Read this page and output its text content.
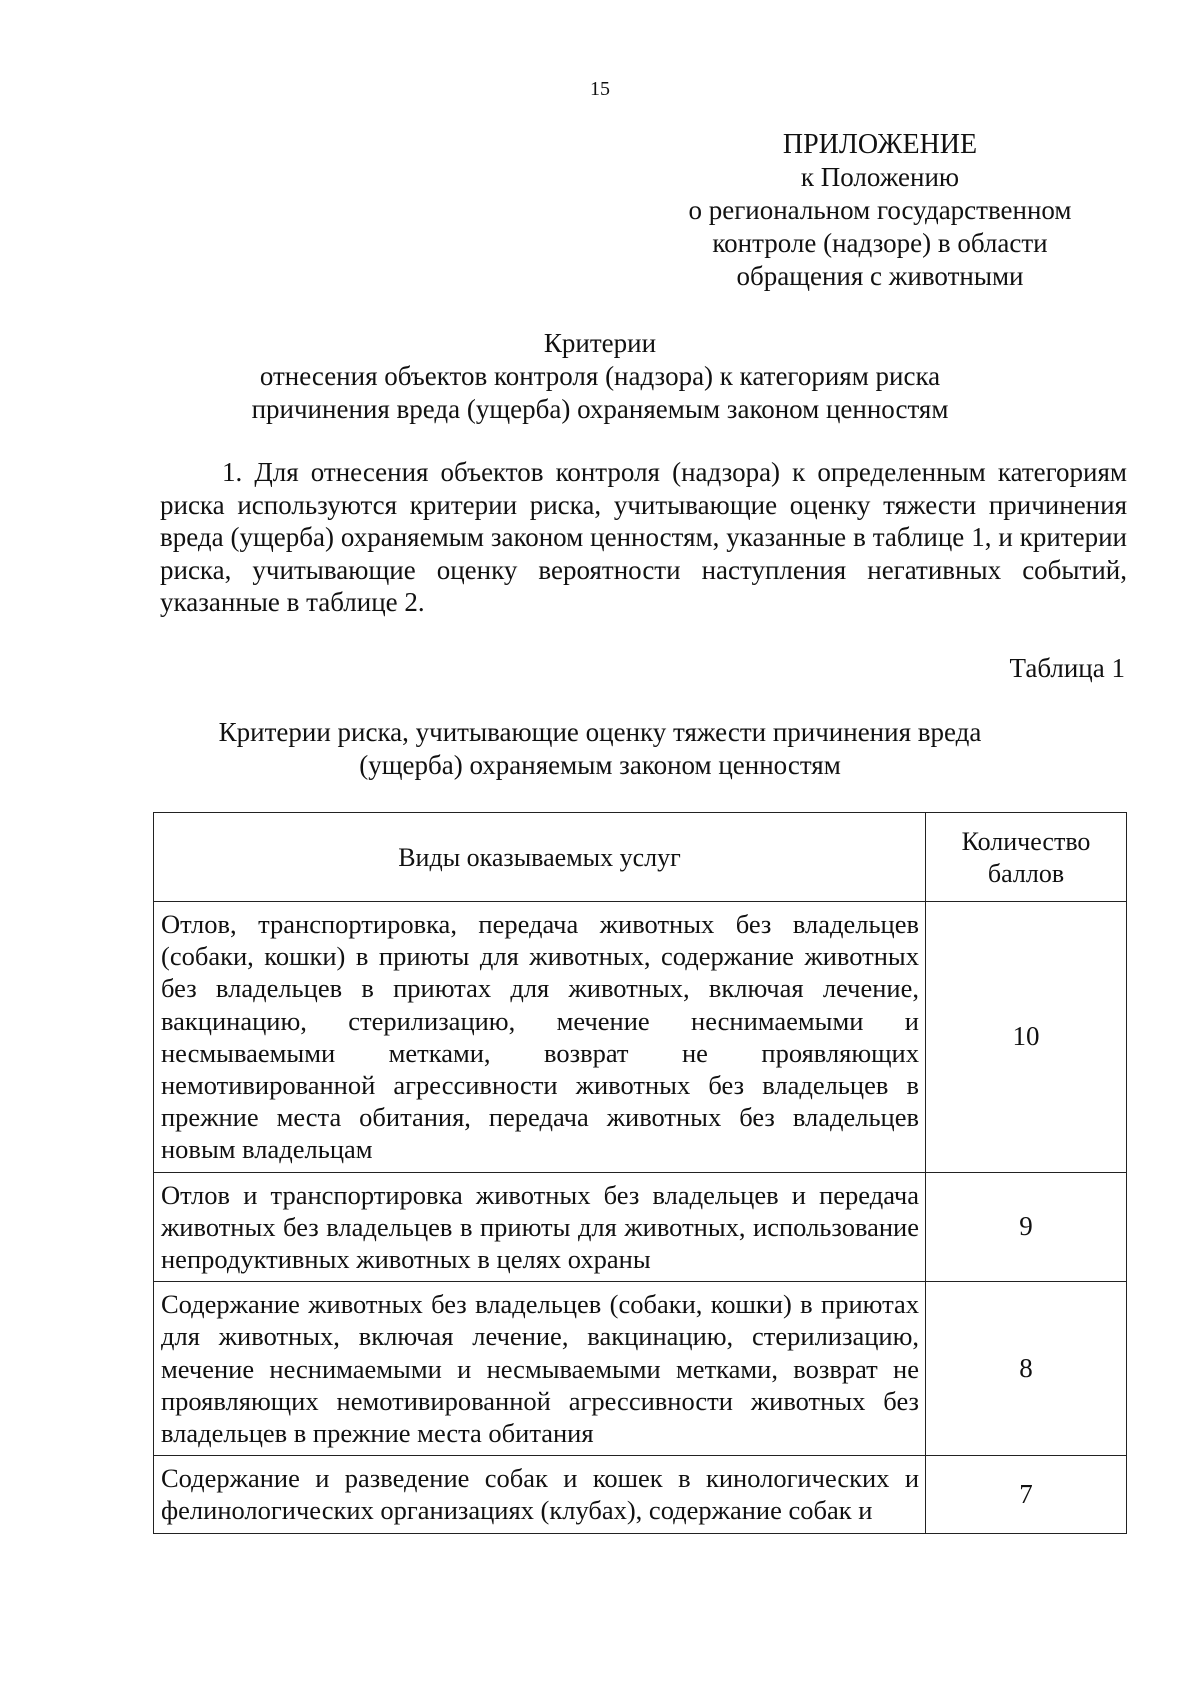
15
ПРИЛОЖЕНИЕ
к Положению
о региональном государственном
контроле (надзоре) в области
обращения с животными
Критерии
отнесения объектов контроля (надзора) к категориям риска
причинения вреда (ущерба) охраняемым законом ценностям
1. Для отнесения объектов контроля (надзора) к определенным категориям риска используются критерии риска, учитывающие оценку тяжести причинения вреда (ущерба) охраняемым законом ценностям, указанные в таблице 1, и критерии риска, учитывающие оценку вероятности наступления негативных событий, указанные в таблице 2.
Таблица 1
Критерии риска, учитывающие оценку тяжести причинения вреда
(ущерба) охраняемым законом ценностям
Виды оказываемых услуг	Количество баллов
Отлов, транспортировка, передача животных без владельцев (собаки, кошки) в приюты для животных, содержание животных без владельцев в приютах для животных, включая лечение, вакцинацию, стерилизацию, мечение неснимаемыми и несмываемыми метками, возврат не проявляющих немотивированной агрессивности животных без владельцев в прежние места обитания, передача животных без владельцев новым владельцам	10
Отлов и транспортировка животных без владельцев и передача животных без владельцев в приюты для животных, использование непродуктивных животных в целях охраны	9
Содержание животных без владельцев (собаки, кошки) в приютах для животных, включая лечение, вакцинацию, стерилизацию, мечение неснимаемыми и несмываемыми метками, возврат не проявляющих немотивированной агрессивности животных без владельцев в прежние места обитания	8
Содержание и разведение собак и кошек в кинологических и фелинологических организациях (клубах), содержание собак и	7
